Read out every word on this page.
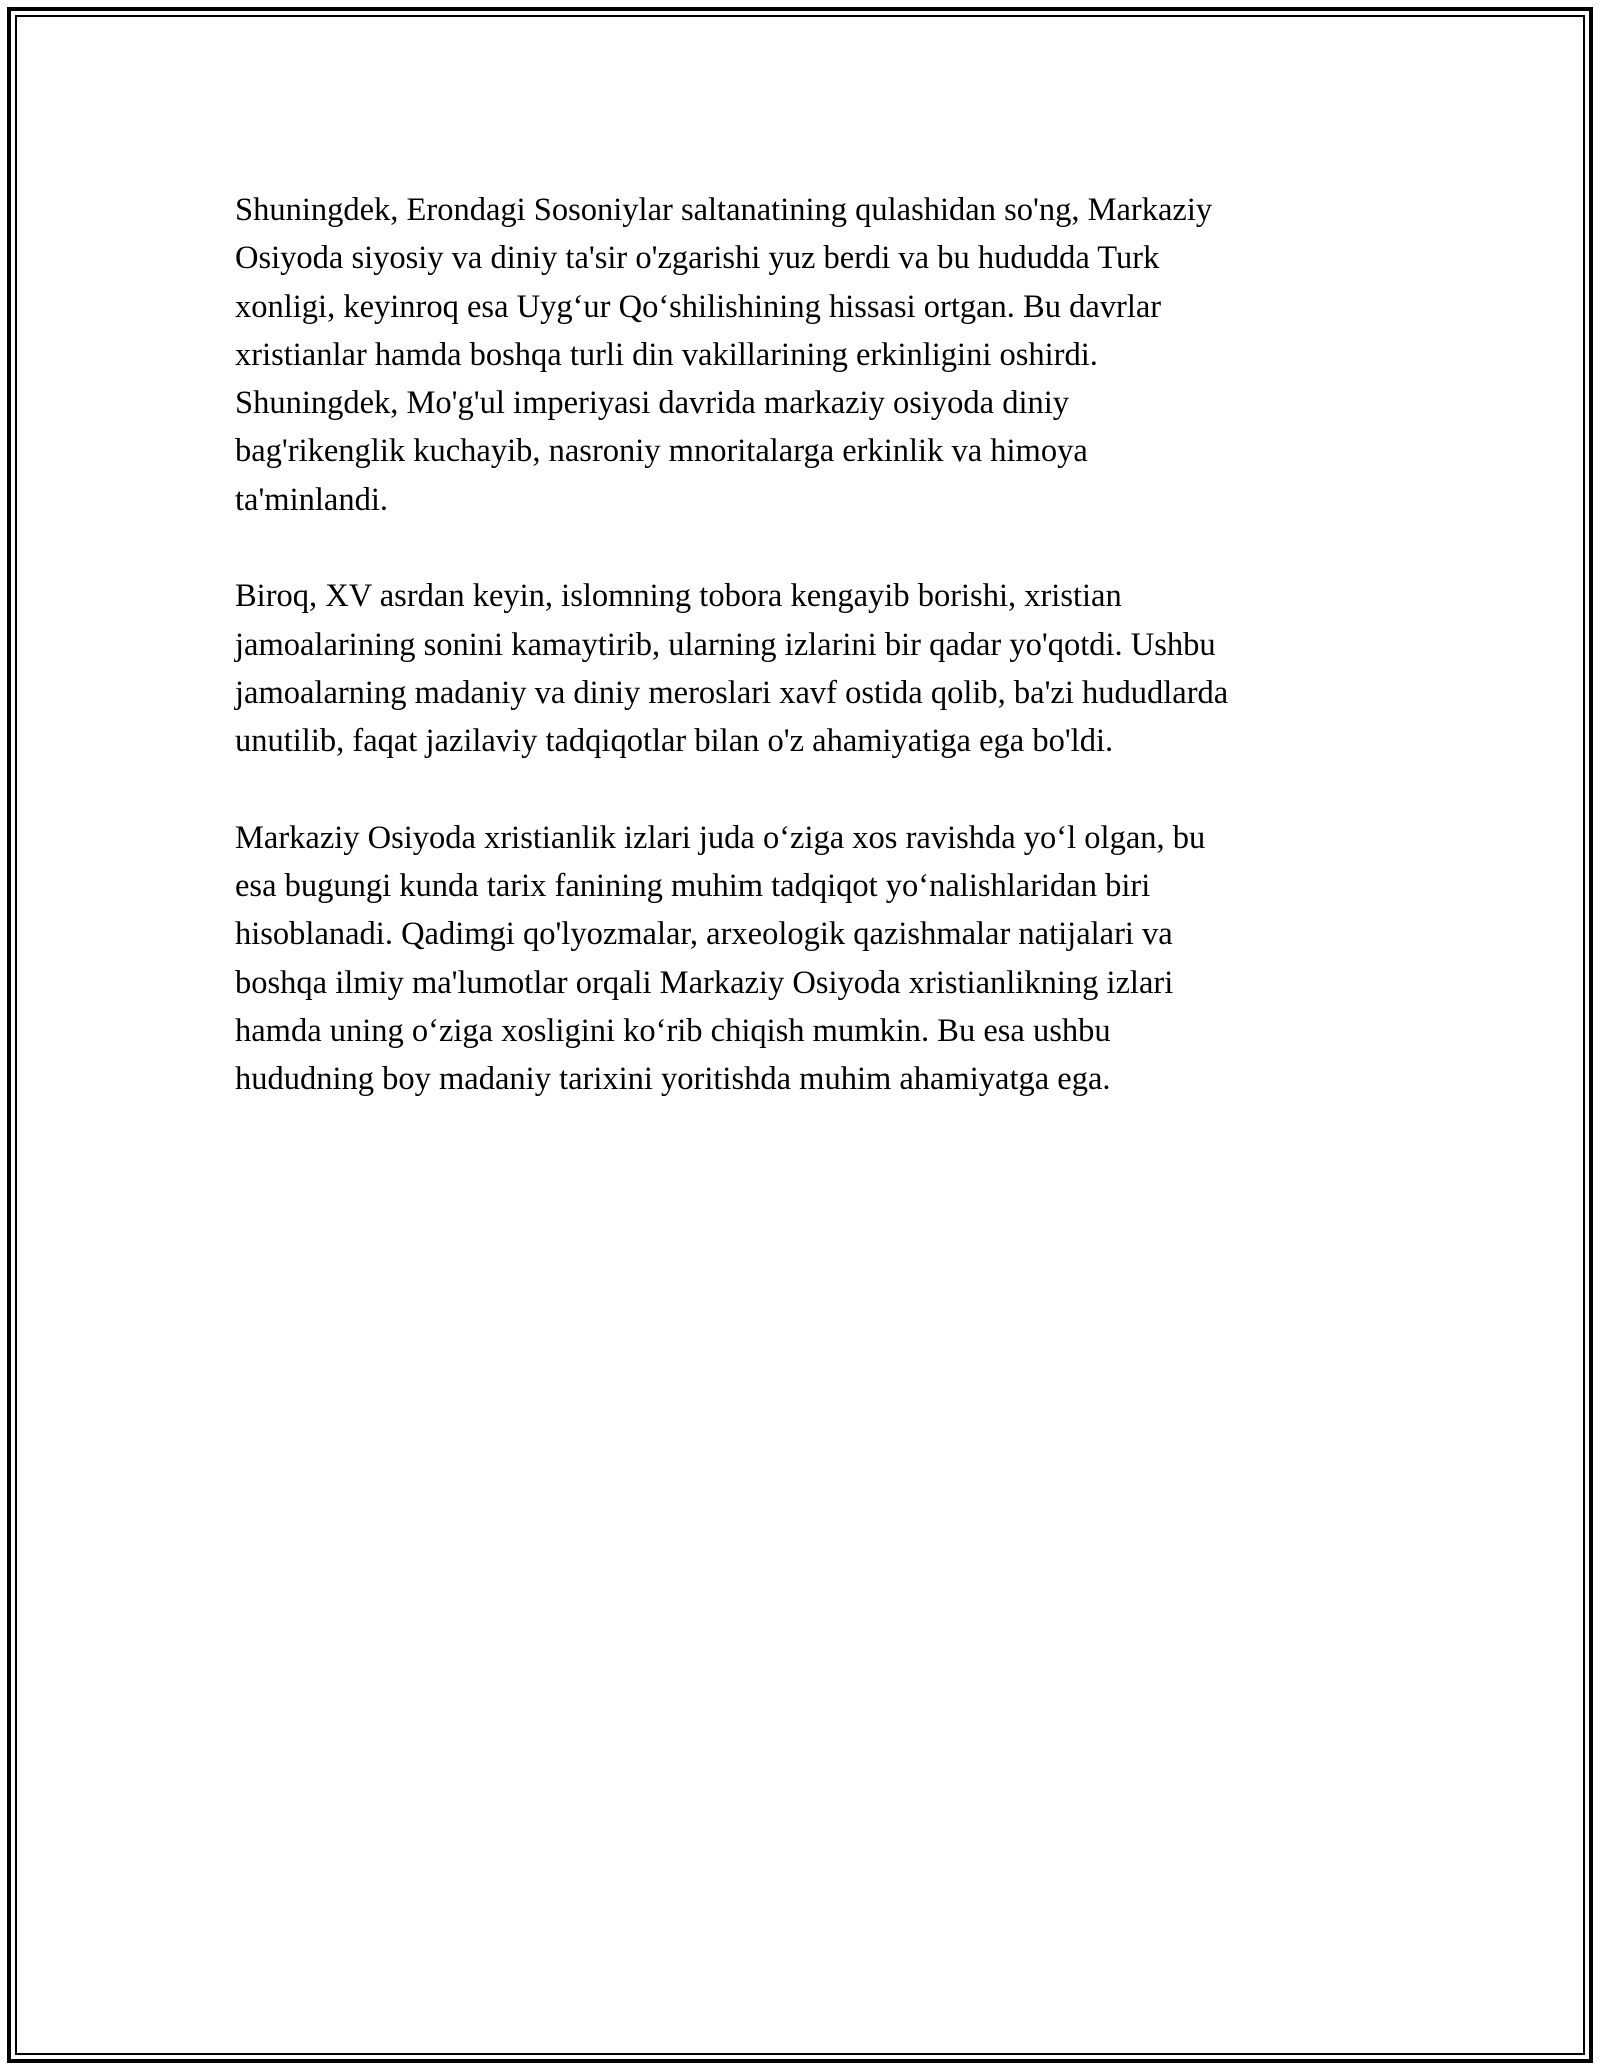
Shuningdek, Erondagi Sosoniylar saltanatining qulashidan so'ng, Markaziy
Osiyoda siyosiy va diniy ta'sir o'zgarishi yuz berdi va bu hududda Turk
xonligi, keyinroq esa Uygʻur Qoʻshilishining hissasi ortgan. Bu davrlar
xristianlar hamda boshqa turli din vakillarining erkinligini oshirdi.
Shuningdek, Mo'g'ul imperiyasi davrida markaziy osiyoda diniy
bag'rikenglik kuchayib, nasroniy mnoritalarga erkinlik va himoya
ta'minlandi.
Biroq, XV asrdan keyin, islomning tobora kengayib borishi, xristian
jamoalarining sonini kamaytirib, ularning izlarini bir qadar yo'qotdi. Ushbu
jamoalarning madaniy va diniy meroslari xavf ostida qolib, ba'zi hududlarda
unutilib, faqat jazilaviy tadqiqotlar bilan o'z ahamiyatiga ega bo'ldi.
Markaziy Osiyoda xristianlik izlari juda oʻziga xos ravishda yoʻl olgan, bu
esa bugungi kunda tarix fanining muhim tadqiqot yoʻnalishlaridan biri
hisoblanadi. Qadimgi qo'lyozmalar, arxeologik qazishmalar natijalari va
boshqa ilmiy ma'lumotlar orqali Markaziy Osiyoda xristianlikning izlari
hamda uning oʻziga xosligini koʻrib chiqish mumkin. Bu esa ushbu
hududning boy madaniy tarixini yoritishda muhim ahamiyatga ega.
